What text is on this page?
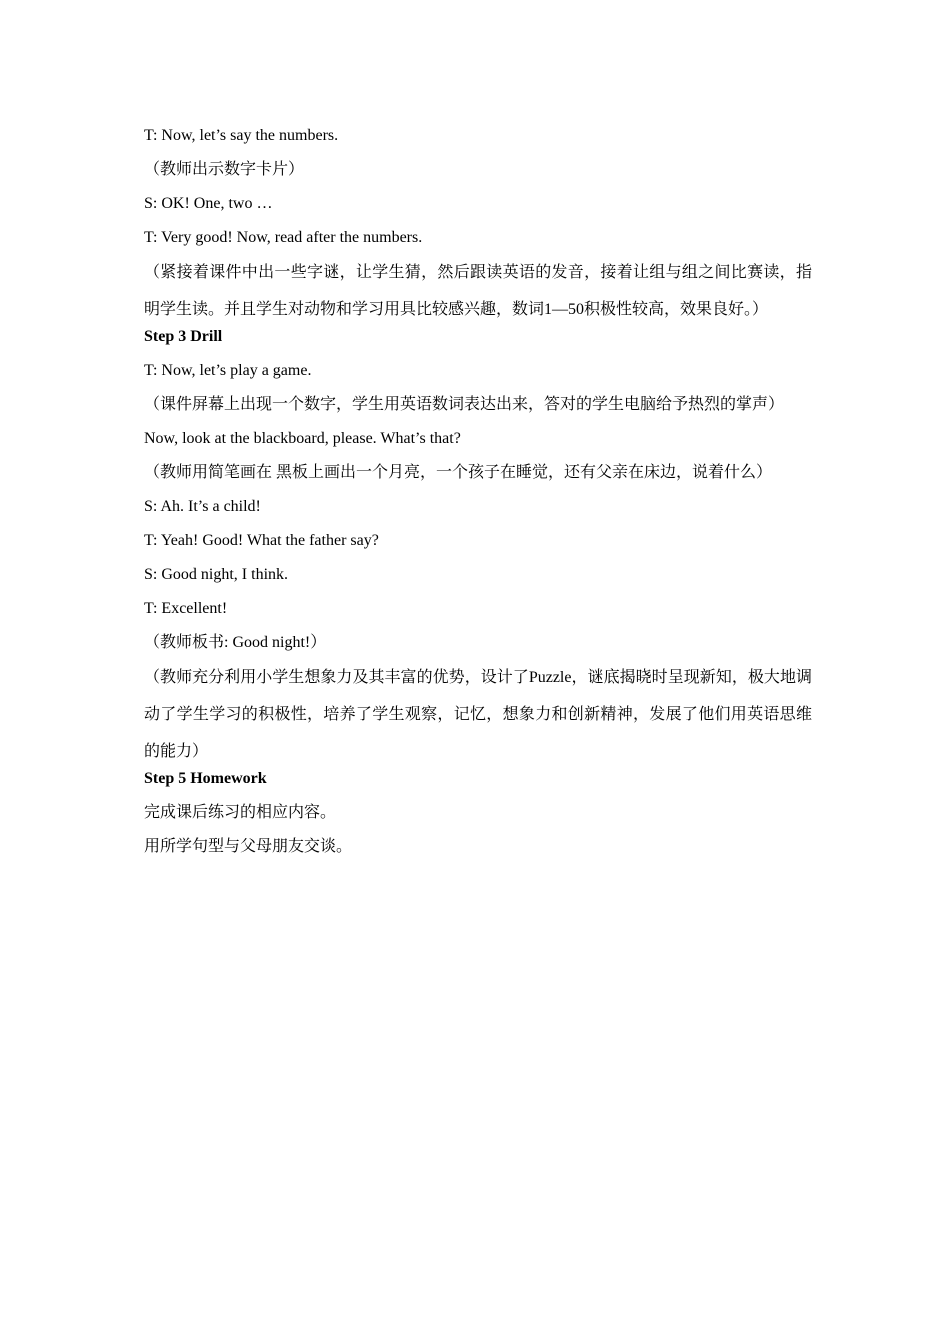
T: Now, let’s say the numbers.
（教师出示数字卡片）
S: OK! One, two …
T: Very good! Now, read after the numbers.
（紧接着课件中出一些字谜，让学生猜，然后跟读英语的发音，接着让组与组之间比赛读，指明学生读。并且学生对动物和学习用具比较感兴趣，数词1—50积极性较高，效果良好。）
Step 3 Drill
T: Now, let’s play a game.
（课件屏幕上出现一个数字，学生用英语数词表达出来，答对的学生电脑给予热烈的掌声）
Now, look at the blackboard, please. What’s that?
（教师用简笔画在 黑板上画出一个月亮，一个孩子在睡觉，还有父亲在床边，说着什么）
S: Ah. It’s a child!
T: Yeah! Good! What the father say?
S: Good night, I think.
T: Excellent!
（教师板书: Good night!）
（教师充分利用小学生想象力及其丰富的优势，设计了Puzzle，谜底揭晓时呈现新知，极大地调动了学生学习的积极性，培养了学生观察，记忆，想象力和创新精神，发展了他们用英语思维的能力）
Step 5 Homework
完成课后练习的相应内容。
用所学句型与父母朋友交谈。
